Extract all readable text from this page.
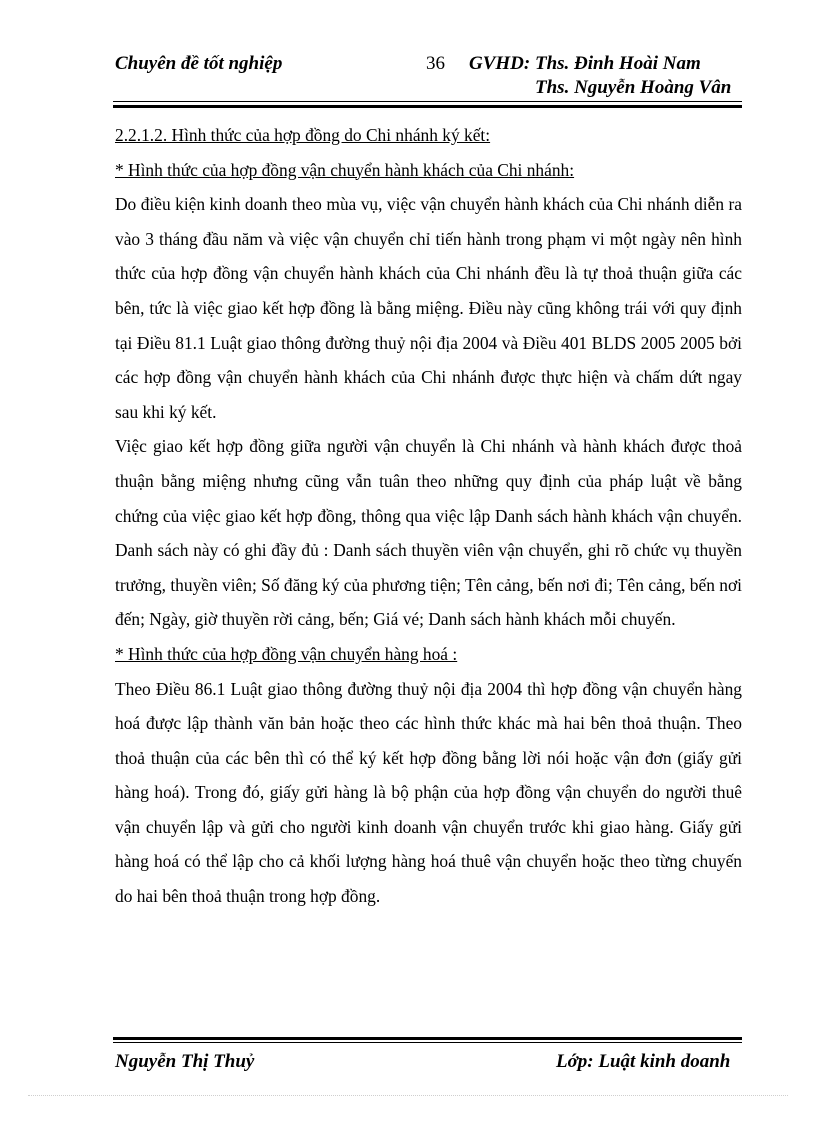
Chuyên đề tốt nghiệp	36 GVHD: Ths. Đinh Hoài Nam
Ths. Nguyễn Hoàng Vân

2.2.1.2. Hình thức của hợp đồng do Chi nhánh ký kết:

* Hình thức của hợp đồng vận chuyển hành khách của Chi nhánh:

Do điều kiện kinh doanh theo mùa vụ, việc vận chuyển hành khách của Chi nhánh diễn ra vào 3 tháng đầu năm và việc vận chuyển chỉ tiến hành trong phạm vi một ngày nên hình thức của hợp đồng vận chuyển hành khách của Chi nhánh đều là tự thoả thuận giữa các bên, tức là việc giao kết hợp đồng là bằng miệng. Điều này cũng không trái với quy định tại Điều 81.1 Luật giao thông đường thuỷ nội địa 2004 và Điều 401 BLDS 2005 2005 bởi các hợp đồng vận chuyển hành khách của Chi nhánh được thực hiện và chấm dứt ngay sau khi ký kết.

Việc giao kết hợp đồng giữa người vận chuyển là Chi nhánh và hành khách được thoả thuận bằng miệng nhưng cũng vẫn tuân theo những quy định của pháp luật về bằng chứng của việc giao kết hợp đồng, thông qua việc lập Danh sách hành khách vận chuyển. Danh sách này có ghi đầy đủ : Danh sách thuyền viên vận chuyển, ghi rõ chức vụ thuyền trưởng, thuyền viên; Số đăng ký của phương tiện; Tên cảng, bến nơi đi; Tên cảng, bến nơi đến; Ngày, giờ thuyền rời cảng, bến; Giá vé; Danh sách hành khách mỗi chuyến.

* Hình thức của hợp đồng vận chuyển hàng hoá :

Theo Điều 86.1 Luật giao thông đường thuỷ nội địa 2004 thì hợp đồng vận chuyển hàng hoá được lập thành văn bản hoặc theo các hình thức khác mà hai bên thoả thuận. Theo thoả thuận của các bên thì có thể ký kết hợp đồng bằng lời nói hoặc vận đơn (giấy gửi hàng hoá). Trong đó, giấy gửi hàng là bộ phận của hợp đồng vận chuyển do người thuê vận chuyển lập và gửi cho người kinh doanh vận chuyển trước khi giao hàng. Giấy gửi hàng hoá có thể lập cho cả khối lượng hàng hoá thuê vận chuyển hoặc theo từng chuyến do hai bên thoả thuận trong hợp đồng.

Nguyễn Thị Thuỷ	Lớp: Luật kinh doanh
